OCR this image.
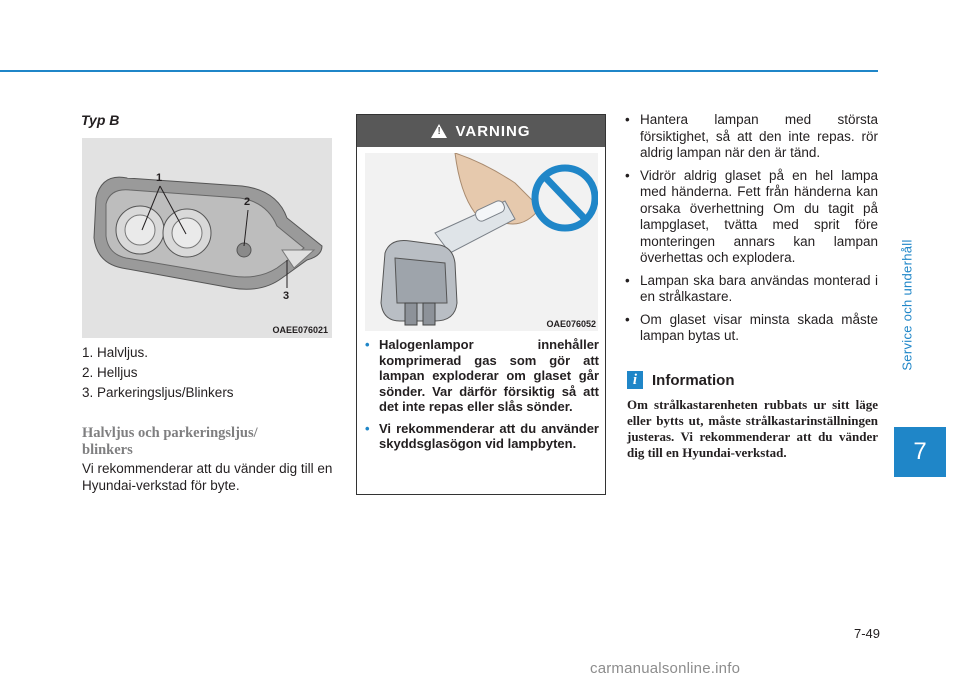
Service och underhåll
7
Typ B
1
2
3
OAEE076021
1. Halvljus.
2. Helljus
3. Parkeringsljus/Blinkers
Halvljus och parkeringsljus/
blinkers
Vi rekommenderar att du vänder dig till en Hyundai-verkstad för byte.
! VARNING
OAE076052
• Halogenlampor innehåller komprimerad gas som gör att lampan exploderar om glaset går sönder. Var därför försiktig så att det inte repas eller slås sönder.
• Vi rekommenderar att du använder skyddsglasögon vid lampbyten.
• Hantera lampan med största försiktighet, så att den inte repas. rör aldrig lampan när den är tänd.
• Vidrör aldrig glaset på en hel lampa med händerna. Fett från händerna kan orsaka överhettning Om du tagit på lampglaset, tvätta med sprit före monteringen annars kan lampan överhettas och explodera.
• Lampan ska bara användas monterad i en strålkastare.
• Om glaset visar minsta skada måste lampan bytas ut.
i Information
Om strålkastarenheten rubbats ur sitt läge eller bytts ut, måste strålkastarinställningen justeras. Vi rekommenderar att du vänder dig till en Hyundai-verkstad.
7-49
carmanualsonline.info
